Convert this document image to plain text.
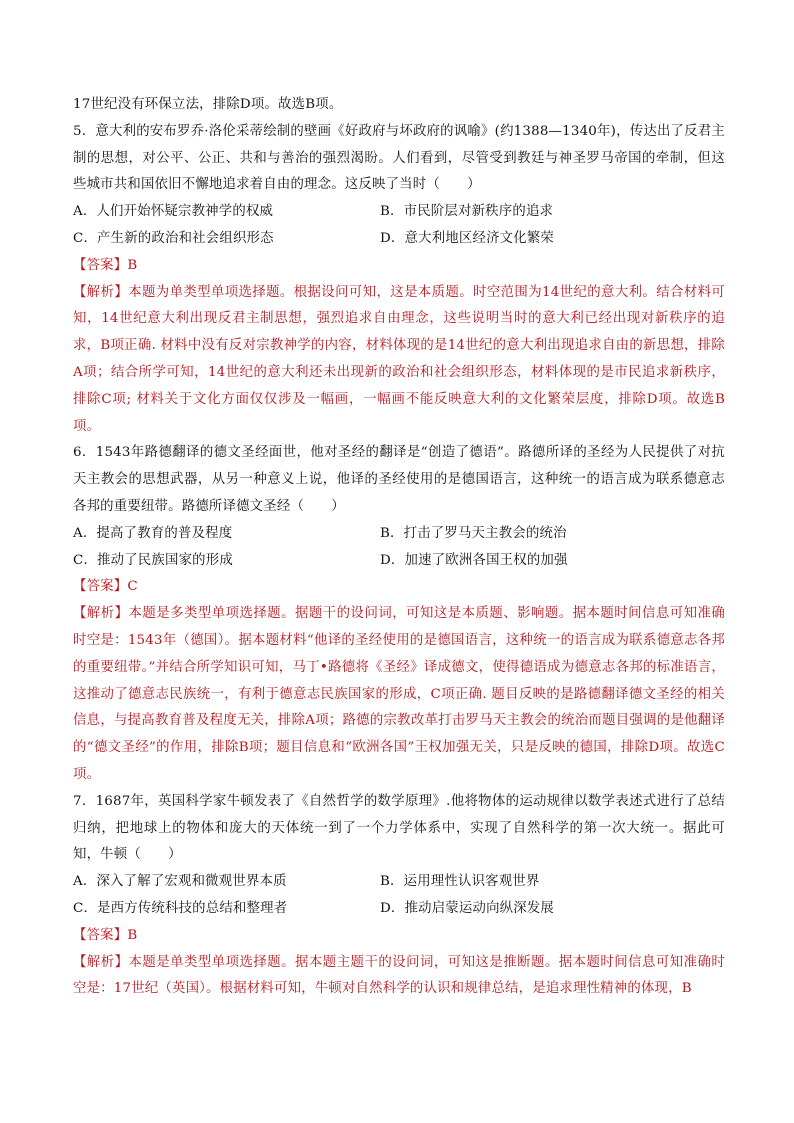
17世纪没有环保立法，排除D项。故选B项。

5．意大利的安布罗乔·洛伦采蒂绘制的壁画《好政府与坏政府的讽喻》(约1388—1340年)，传达出了反君主制的思想，对公平、公正、共和与善治的强烈渴盼。人们看到，尽管受到教廷与神圣罗马帝国的牵制，但这些城市共和国依旧不懈地追求着自由的理念。这反映了当时（　　）

A．人们开始怀疑宗教神学的权威	B．市民阶层对新秩序的追求
C．产生新的政治和社会组织形态	D．意大利地区经济文化繁荣

【答案】B

【解析】本题为单类型单项选择题。根据设问可知，这是本质题。时空范围为14世纪的意大利。结合材料可知，14世纪意大利出现反君主制思想，强烈追求自由理念，这些说明当时的意大利已经出现对新秩序的追求，B项正确. 材料中没有反对宗教神学的内容，材料体现的是14世纪的意大利出现追求自由的新思想，排除A项；结合所学可知，14世纪的意大利还未出现新的政治和社会组织形态，材料体现的是市民追求新秩序，排除C项; 材料关于文化方面仅仅涉及一幅画，一幅画不能反映意大利的文化繁荣层度，排除D项。故选B项。

6．1543年路德翻译的德文圣经面世，他对圣经的翻译是“创造了德语”。路德所译的圣经为人民提供了对抗天主教会的思想武器，从另一种意义上说，他译的圣经使用的是德国语言，这种统一的语言成为联系德意志各邦的重要纽带。路德所译德文圣经（　　）

A．提高了教育的普及程度	B．打击了罗马天主教会的统治
C．推动了民族国家的形成	D．加速了欧洲各国王权的加强

【答案】C

【解析】本题是多类型单项选择题。据题干的设问词，可知这是本质题、影响题。据本题时间信息可知准确时空是：1543年（德国）。据本题材料“他译的圣经使用的是德国语言，这种统一的语言成为联系德意志各邦的重要纽带。”并结合所学知识可知，马丁•路德将《圣经》译成德文，使得德语成为德意志各邦的标准语言，这推动了德意志民族统一，有利于德意志民族国家的形成，C项正确. 题目反映的是路德翻译德文圣经的相关信息，与提高教育普及程度无关，排除A项；路德的宗教改革打击罗马天主教会的统治而题目强调的是他翻译的“德文圣经”的作用，排除B项；题目信息和“欧洲各国”王权加强无关，只是反映的德国，排除D项。故选C项。

7．1687年，英国科学家牛顿发表了《自然哲学的数学原理》.他将物体的运动规律以数学表述式进行了总结归纳，把地球上的物体和庞大的天体统一到了一个力学体系中，实现了自然科学的第一次大统一。据此可知，牛顿（　　）

A．深入了解了宏观和微观世界本质	B．运用理性认识客观世界
C．是西方传统科技的总结和整理者	D．推动启蒙运动向纵深发展

【答案】B

【解析】本题是单类型单项选择题。据本题主题干的设问词，可知这是推断题。据本题时间信息可知准确时空是：17世纪（英国）。根据材料可知，牛顿对自然科学的认识和规律总结，是追求理性精神的体现，B
